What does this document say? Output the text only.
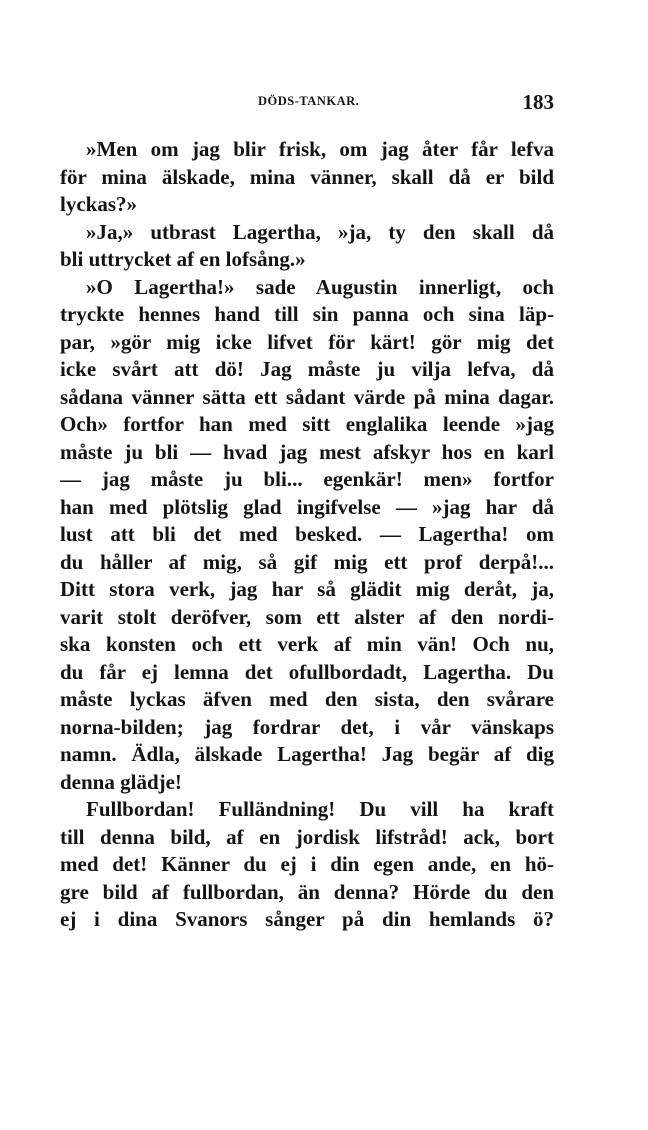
DÖDS-TANKAR.	183
»Men om jag blir frisk, om jag åter får lefva
för mina älskade, mina vänner, skall då er bild
lyckas?»
»Ja,» utbrast Lagertha, »ja, ty den skall då
bli uttrycket af en lofsång.»
»O Lagertha!» sade Augustin innerligt, och
tryckte hennes hand till sin panna och sina läp-
par, »gör mig icke lifvet för kärt! gör mig det
icke svårt att dö! Jag måste ju vilja lefva, då
sådana vänner sätta ett sådant värde på mina dagar.
Och» fortfor han med sitt englalika leende »jag
måste ju bli — hvad jag mest afskyr hos en karl
— jag måste ju bli... egenkär! men» fortfor
han med plötslig glad ingifvelse — »jag har då
lust att bli det med besked. — Lagertha! om
du håller af mig, så gif mig ett prof derpå!...
Ditt stora verk, jag har så glädit mig deråt, ja,
varit stolt deröfver, som ett alster af den nordi-
ska konsten och ett verk af min vän! Och nu,
du får ej lemna det ofullbordadt, Lagertha. Du
måste lyckas äfven med den sista, den svårare
norna-bilden; jag fordrar det, i vår vänskaps
namn. Ädla, älskade Lagertha! Jag begär af dig
denna glädje!
Fullbordan! Fulländning! Du vill ha kraft
till denna bild, af en jordisk lifstråd! ack, bort
med det! Känner du ej i din egen ande, en hö-
gre bild af fullbordan, än denna? Hörde du den
ej i dina Svanors sånger på din hemlands ö?
